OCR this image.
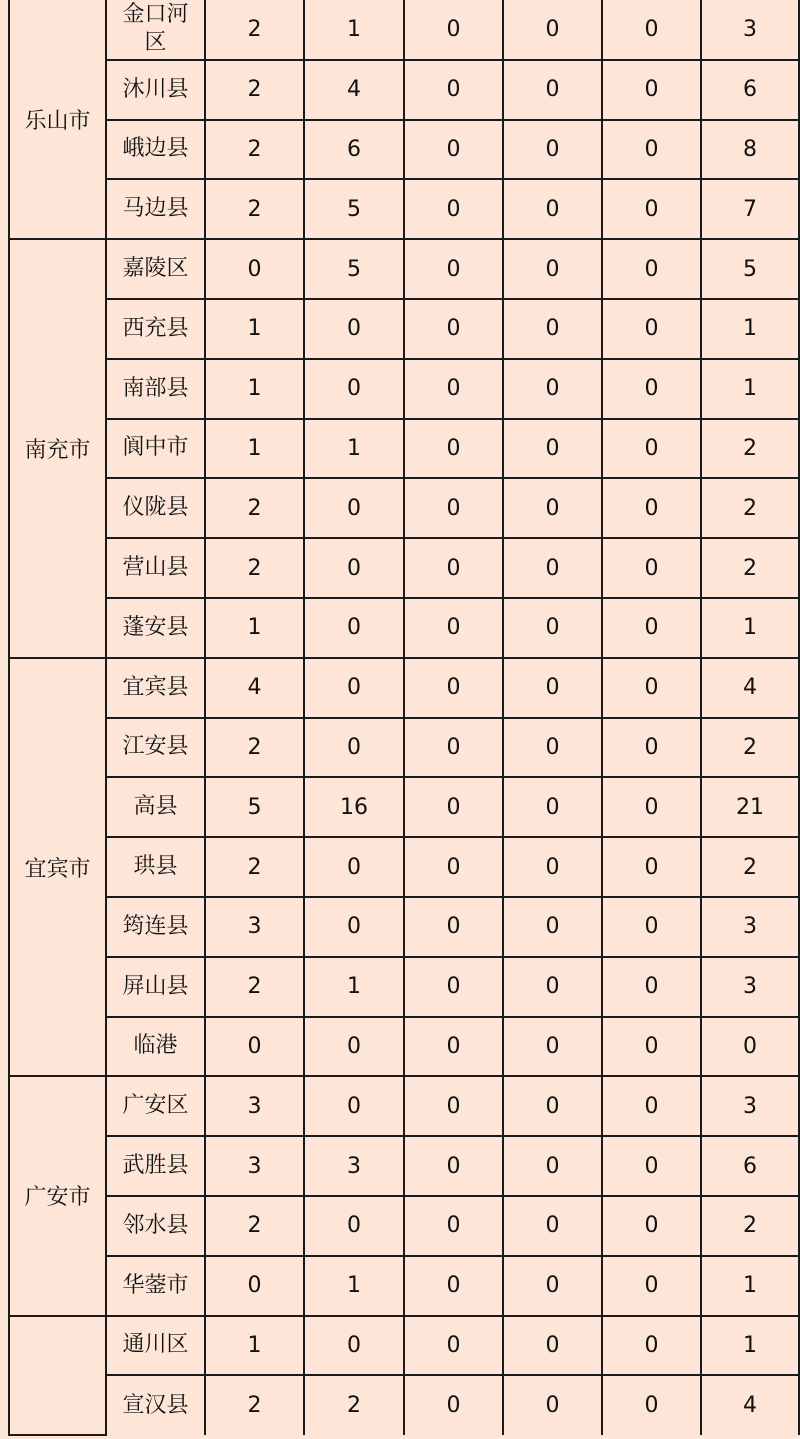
乐山市	金口河区	2	1	0	0	0	3
	沐川县	2	4	0	0	0	6
	峨边县	2	6	0	0	0	8
	马边县	2	5	0	0	0	7
南充市	嘉陵区	0	5	0	0	0	5
	西充县	1	0	0	0	0	1
	南部县	1	0	0	0	0	1
	阆中市	1	1	0	0	0	2
	仪陇县	2	0	0	0	0	2
	营山县	2	0	0	0	0	2
	蓬安县	1	0	0	0	0	1
宜宾市	宜宾县	4	0	0	0	0	4
	江安县	2	0	0	0	0	2
	高县	5	16	0	0	0	21
	珙县	2	0	0	0	0	2
	筠连县	3	0	0	0	0	3
	屏山县	2	1	0	0	0	3
	临港	0	0	0	0	0	0
广安市	广安区	3	0	0	0	0	3
	武胜县	3	3	0	0	0	6
	邻水县	2	0	0	0	0	2
	华蓥市	0	1	0	0	0	1
	通川区	1	0	0	0	0	1
	宣汉县	2	2	0	0	0	4
